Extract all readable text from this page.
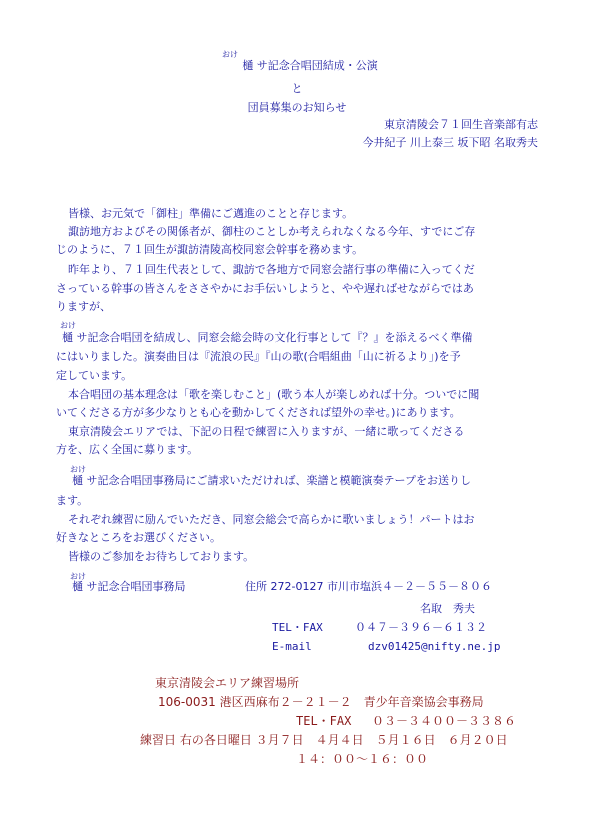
おけ
樋 サ記念合唱団結成・公演
と
団員募集のお知らせ
東京清陵会７１回生音楽部有志
今井紀子 川上泰三 坂下昭 名取秀夫
皆様、お元気で「御柱」準備にご邁進のことと存じます。
諏訪地方およびその関係者が、御柱のことしか考えられなくなる今年、すでにご存
じのように、７１回生が諏訪清陵高校同窓会幹事を務めます。
昨年より、７１回生代表として、諏訪で各地方で同窓会諸行事の準備に入ってくだ
さっている幹事の皆さんをささやかにお手伝いしようと、やや遅ればせながらではあ
りますが、
おけ
樋 サ記念合唱団を結成し、同窓会総会時の文化行事として『？』を添えるべく準備
にはいりました。演奏曲目は『流浪の民』『山の歌(合唱組曲「山に祈るより」)を予
定しています。
本合唱団の基本理念は「歌を楽しむこと」(歌う本人が楽しめれば十分。ついでに聞
いてくださる方が多少なりとも心を動かしてくだされば望外の幸せ。)にあります。
東京清陵会エリアでは、下記の日程で練習に入りますが、一緒に歌ってくださる
方を、広く全国に募ります。
おけ
樋 サ記念合唱団事務局にご請求いただければ、楽譜と模範演奏テープをお送りし
ます。
それぞれ練習に励んでいただき、同窓会総会で高らかに歌いましょう！パートはお
好きなところをお選びください。
皆様のご参加をお待ちしております。
おけ
樋 サ記念合唱団事務局	住所 272-0127 市川市塩浜４－２－５５－８０６
名取　秀夫
TEL・FAX	０４７－３９６－６１３２
E-mail	dzv01425@nifty.ne.jp
東京清陵会エリア練習場所
106-0031 港区西麻布２－２１－２　青少年音楽協会事務局
TEL・FAX ０３－３４００－３３８６
練習日 右の各日曜日 ３月７日　４月４日　５月１６日　６月２０日
１４：００～１６：００
